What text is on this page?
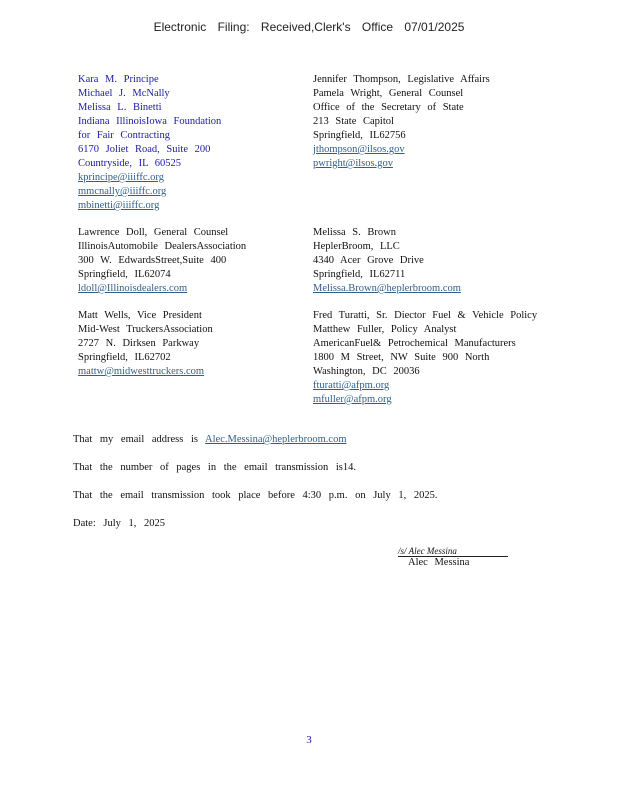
Electronic Filing: Received,Clerk's Office 07/01/2025
Kara M. Principe
Michael J. McNally
Melissa L. Binetti
Indiana IllinoisIowa Foundation
for Fair Contracting
6170 Joliet Road, Suite 200
Countryside, IL 60525
kprincipe@iiiffc.org
mmcnally@iiiffc.org
mbinetti@iiiffc.org
Jennifer Thompson, Legislative Affairs
Pamela Wright, General Counsel
Office of the Secretary of State
213 State Capitol
Springfield, IL62756
jthompson@ilsos.gov
pwright@ilsos.gov
Lawrence Doll, General Counsel
IllinoisAutomobile DealersAssociation
300 W. EdwardsStreet,Suite 400
Springfield, IL62074
ldoll@Illinoisdealers.com
Melissa S. Brown
HeplerBroom, LLC
4340 Acer Grove Drive
Springfield, IL62711
Melissa.Brown@heplerbroom.com
Matt Wells, Vice President
Mid-West TruckersAssociation
2727 N. Dirksen Parkway
Springfield, IL62702
mattw@midwesttruckers.com
Fred Turatti, Sr. Diector Fuel & Vehicle Policy
Matthew Fuller, Policy Analyst
AmericanFuel& Petrochemical Manufacturers
1800 M Street, NW Suite 900 North
Washington, DC 20036
fturatti@afpm.org
mfuller@afpm.org
That my email address is Alec.Messina@heplerbroom.com
That the number of pages in the email transmission is14.
That the email transmission took place before 4:30 p.m. on July 1, 2025.
Date: July 1, 2025
/s/ Alec Messina
Alec Messina
3
